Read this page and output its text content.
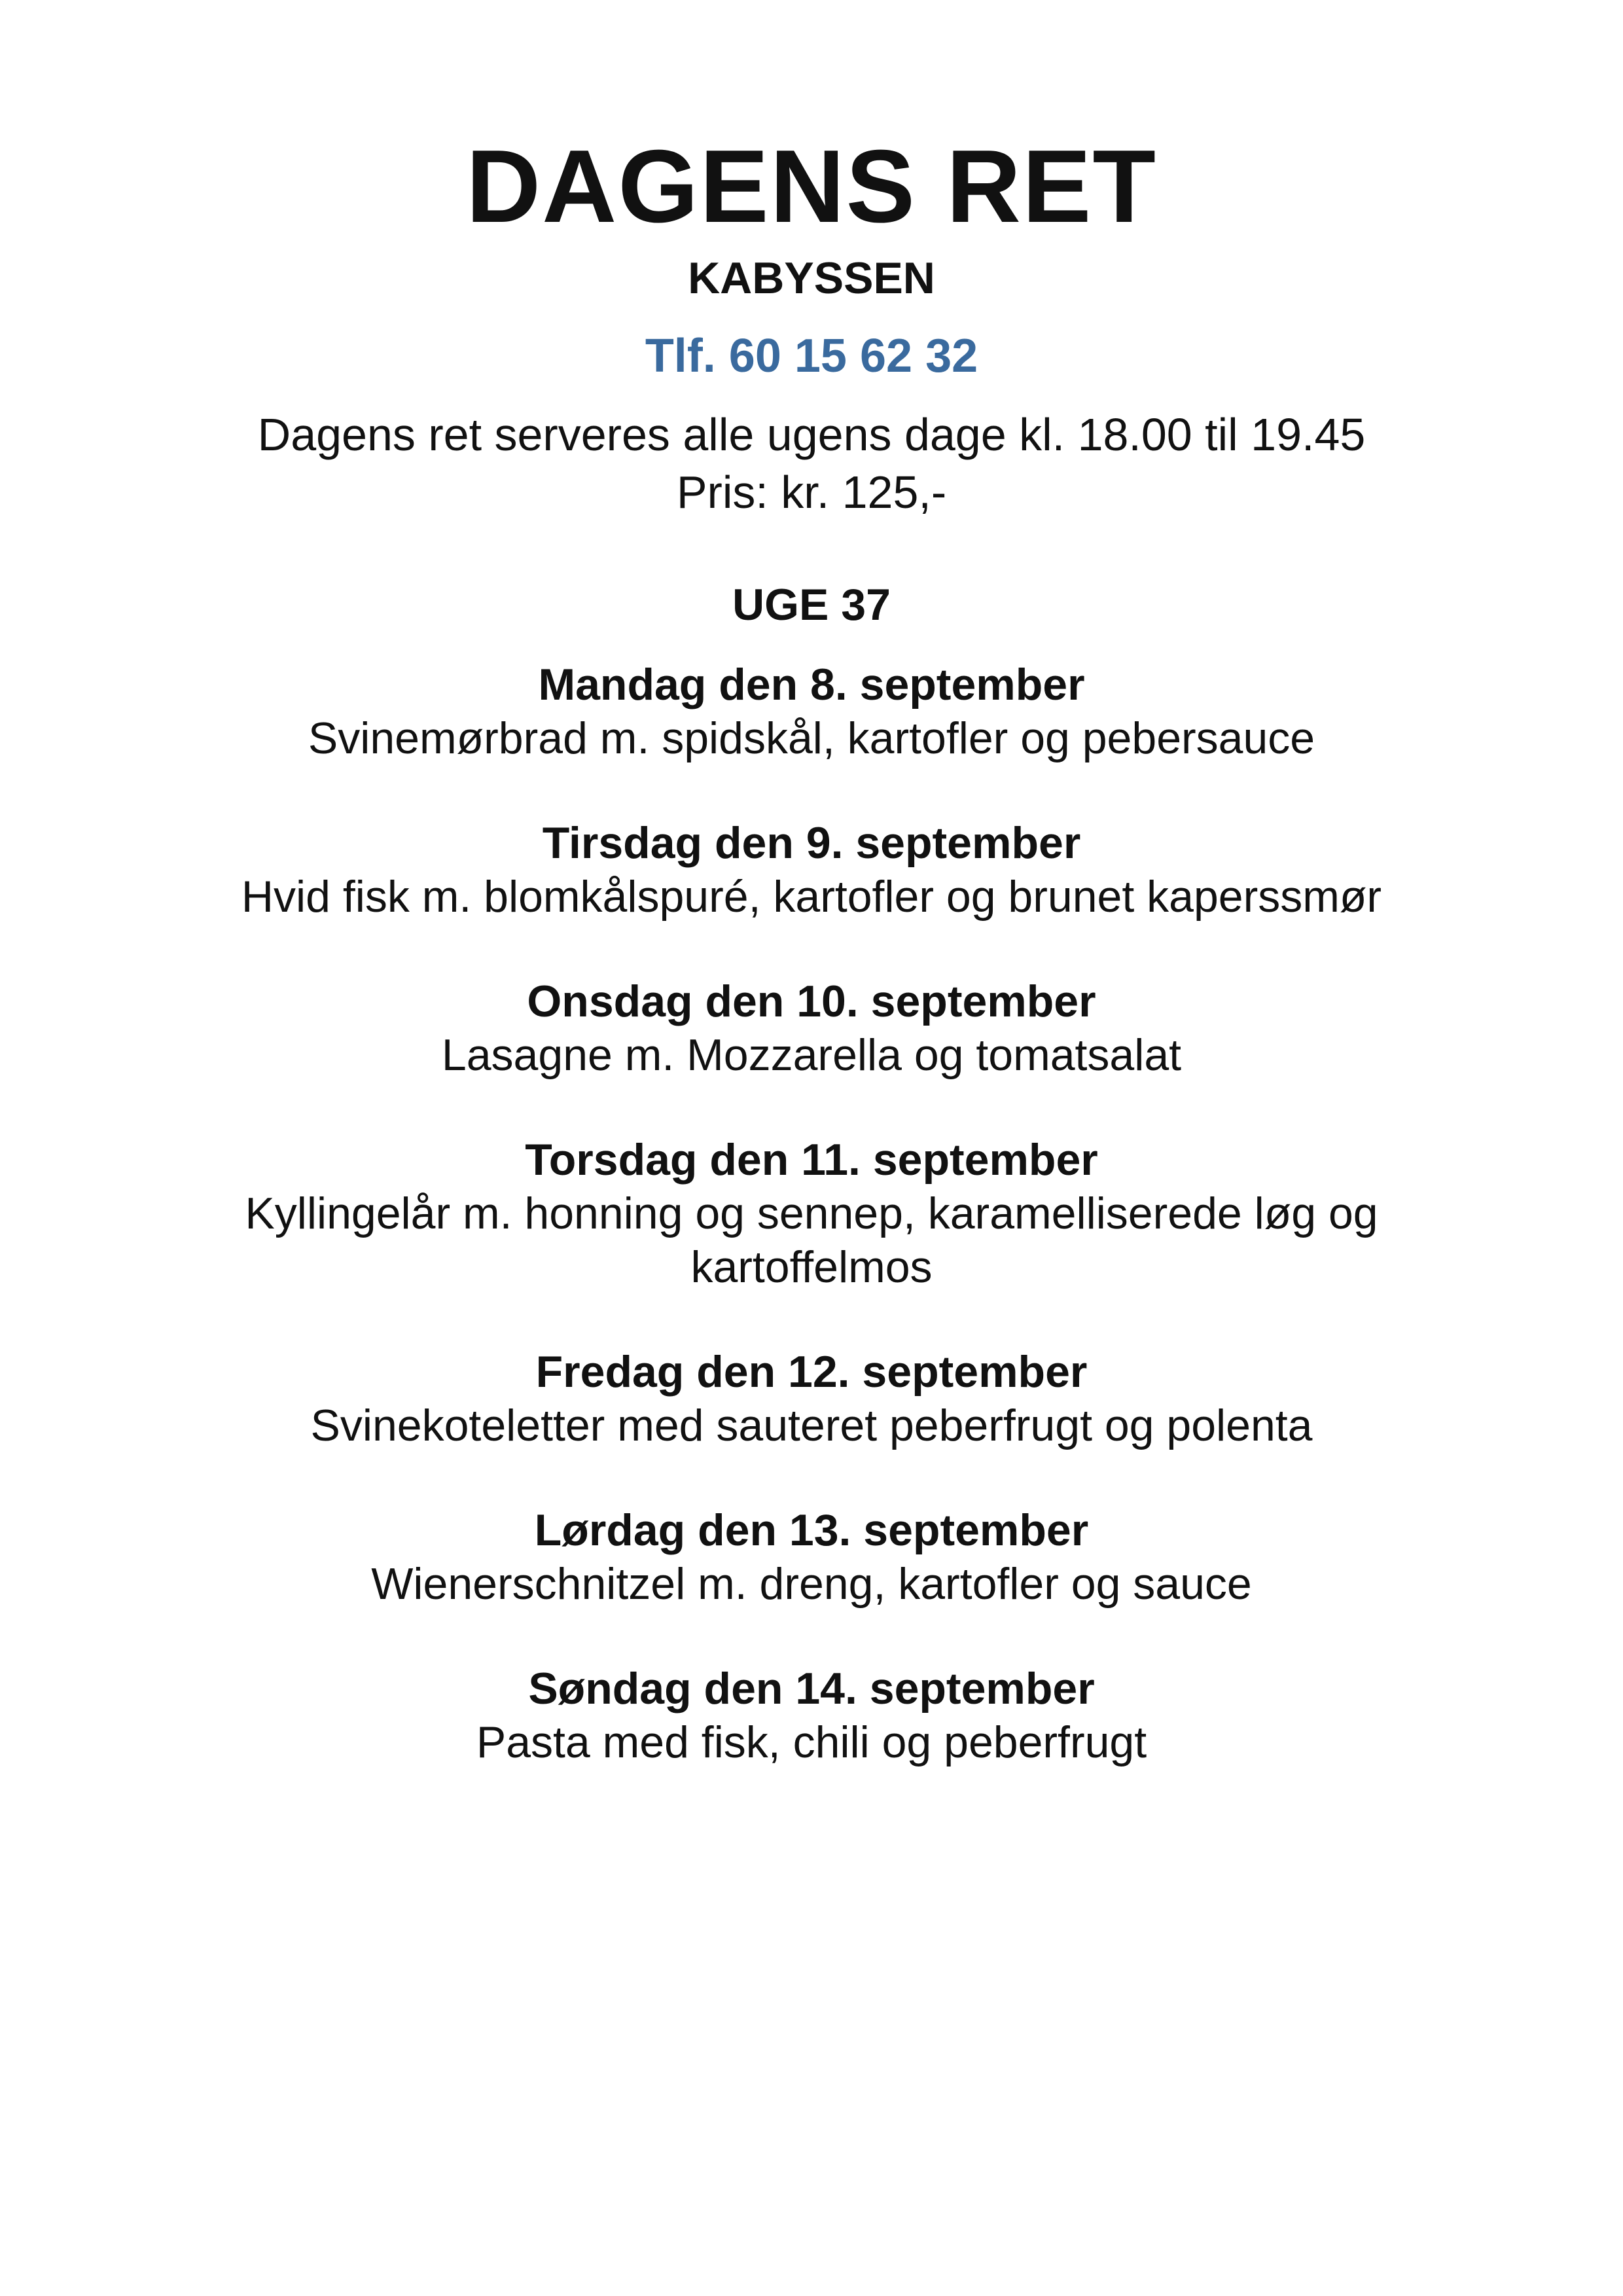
DAGENS RET
KABYSSEN
Tlf. 60 15 62 32
Dagens ret serveres alle ugens dage kl. 18.00 til 19.45
Pris: kr. 125,-
UGE 37
Mandag den 8. september
Svinemørbrad m. spidskål, kartofler og pebersauce
Tirsdag den 9. september
Hvid fisk m. blomkålspuré, kartofler og brunet kaperssmør
Onsdag den 10. september
Lasagne m. Mozzarella og tomatsalat
Torsdag den 11. september
Kyllingelår m. honning og sennep, karamelliserede løg og kartoffelmos
Fredag den 12. september
Svinekoteletter med sauteret peberfrugt og polenta
Lørdag den 13. september
Wienerschnitzel m. dreng, kartofler og sauce
Søndag den 14. september
Pasta med fisk, chili og peberfrugt
